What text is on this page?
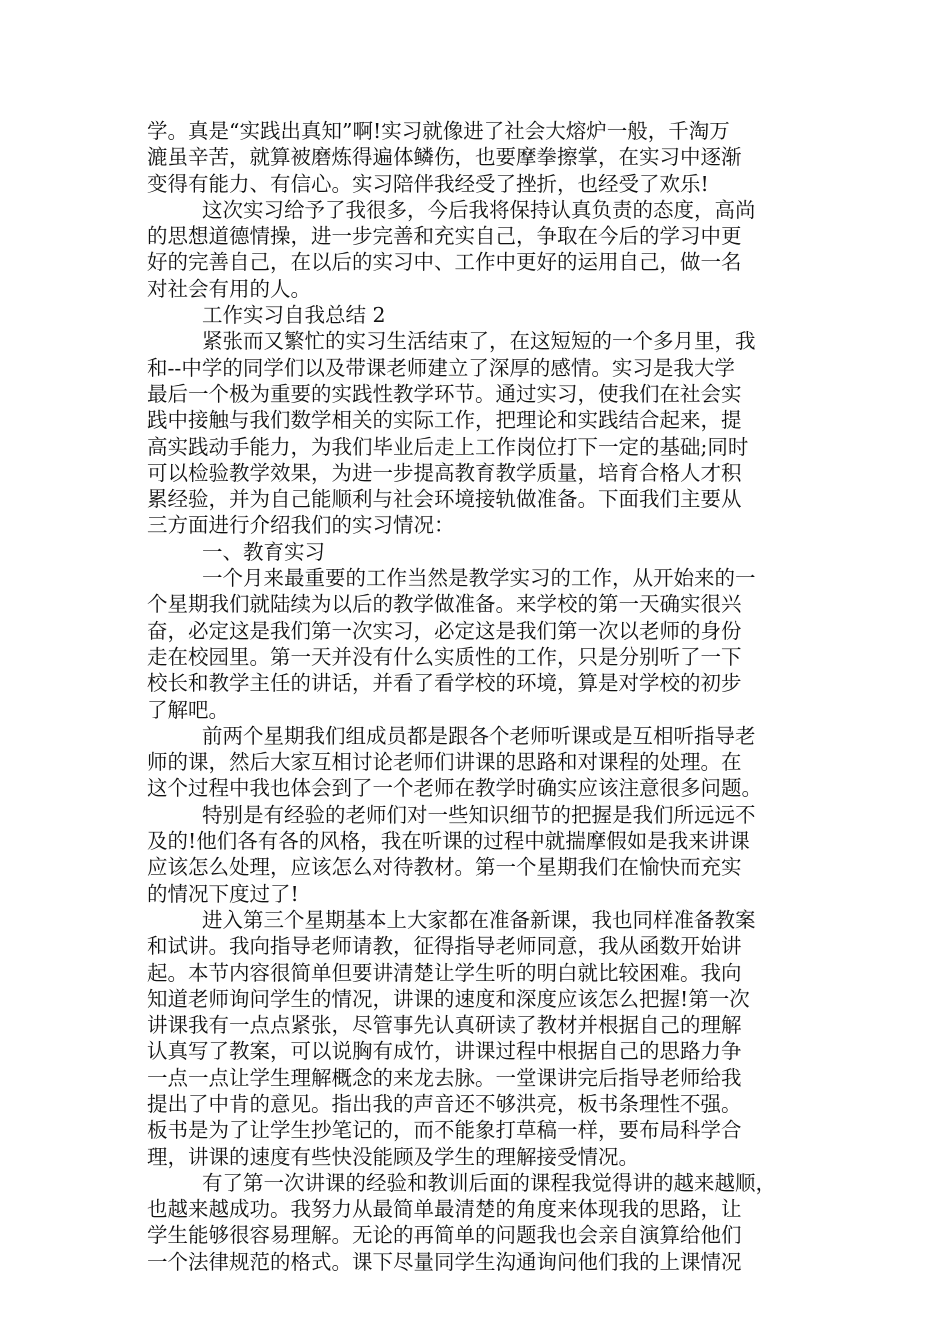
学。真是“实践出真知”啊!实习就像进了社会大熔炉一般，千淘万
漉虽辛苦，就算被磨炼得遍体鳞伤，也要摩拳擦掌，在实习中逐渐
变得有能力、有信心。实习陪伴我经受了挫折，也经受了欢乐!
这次实习给予了我很多，今后我将保持认真负责的态度，高尚
的思想道德情操，进一步完善和充实自己，争取在今后的学习中更
好的完善自己，在以后的实习中、工作中更好的运用自己，做一名
对社会有用的人。
工作实习自我总结 2
紧张而又繁忙的实习生活结束了，在这短短的一个多月里，我
和--中学的同学们以及带课老师建立了深厚的感情。实习是我大学
最后一个极为重要的实践性教学环节。通过实习，使我们在社会实
践中接触与我们数学相关的实际工作，把理论和实践结合起来，提
高实践动手能力，为我们毕业后走上工作岗位打下一定的基础;同时
可以检验教学效果，为进一步提高教育教学质量，培育合格人才积
累经验，并为自己能顺利与社会环境接轨做准备。下面我们主要从
三方面进行介绍我们的实习情况：
一、教育实习
一个月来最重要的工作当然是教学实习的工作，从开始来的一
个星期我们就陆续为以后的教学做准备。来学校的第一天确实很兴
奋，必定这是我们第一次实习，必定这是我们第一次以老师的身份
走在校园里。第一天并没有什么实质性的工作，只是分别听了一下
校长和教学主任的讲话，并看了看学校的环境，算是对学校的初步
了解吧。
前两个星期我们组成员都是跟各个老师听课或是互相听指导老
师的课，然后大家互相讨论老师们讲课的思路和对课程的处理。在
这个过程中我也体会到了一个老师在教学时确实应该注意很多问题。
特别是有经验的老师们对一些知识细节的把握是我们所远远不
及的!他们各有各的风格，我在听课的过程中就揣摩假如是我来讲课
应该怎么处理，应该怎么对待教材。第一个星期我们在愉快而充实
的情况下度过了!
进入第三个星期基本上大家都在准备新课，我也同样准备教案
和试讲。我向指导老师请教，征得指导老师同意，我从函数开始讲
起。本节内容很简单但要讲清楚让学生听的明白就比较困难。我向
知道老师询问学生的情况，讲课的速度和深度应该怎么把握!第一次
讲课我有一点点紧张，尽管事先认真研读了教材并根据自己的理解
认真写了教案，可以说胸有成竹，讲课过程中根据自己的思路力争
一点一点让学生理解概念的来龙去脉。一堂课讲完后指导老师给我
提出了中肯的意见。指出我的声音还不够洪亮，板书条理性不强。
板书是为了让学生抄笔记的，而不能象打草稿一样，要布局科学合
理，讲课的速度有些快没能顾及学生的理解接受情况。
有了第一次讲课的经验和教训后面的课程我觉得讲的越来越顺，
也越来越成功。我努力从最简单最清楚的角度来体现我的思路，让
学生能够很容易理解。无论的再简单的问题我也会亲自演算给他们
一个法律规范的格式。课下尽量同学生沟通询问他们我的上课情况
